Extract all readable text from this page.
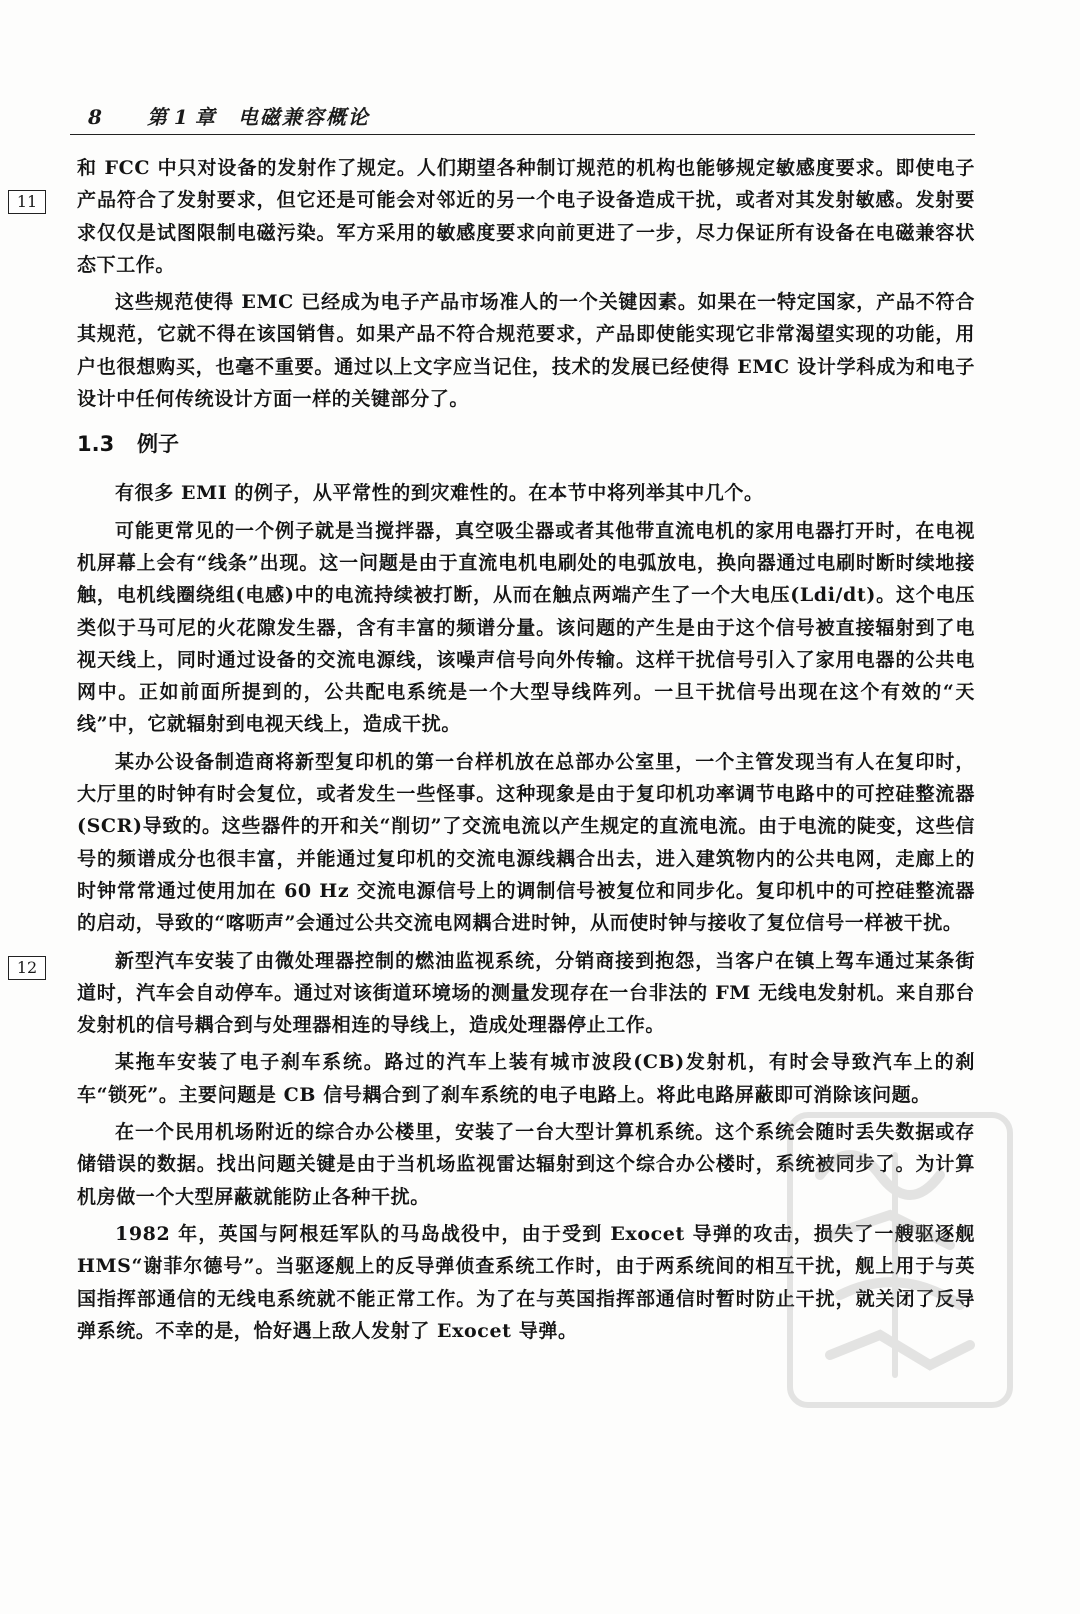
8 第 1 章 电磁兼容概论
11
12

和 FCC 中只对设备的发射作了规定。人们期望各种制订规范的机构也能够规定敏感度要求。即使电子产品符合了发射要求，但它还是可能会对邻近的另一个电子设备造成干扰，或者对其发射敏感。发射要求仅仅是试图限制电磁污染。军方采用的敏感度要求向前更进了一步，尽力保证所有设备在电磁兼容状态下工作。

这些规范使得 EMC 已经成为电子产品市场准人的一个关键因素。如果在一特定国家，产品不符合其规范，它就不得在该国销售。如果产品不符合规范要求，产品即使能实现它非常渴望实现的功能，用户也很想购买，也毫不重要。通过以上文字应当记住，技术的发展已经使得 EMC 设计学科成为和电子设计中任何传统设计方面一样的关键部分了。

1.3 例子

有很多 EMI 的例子，从平常性的到灾难性的。在本节中将列举其中几个。

可能更常见的一个例子就是当搅拌器，真空吸尘器或者其他带直流电机的家用电器打开时，在电视机屏幕上会有“线条”出现。这一问题是由于直流电机电刷处的电弧放电，换向器通过电刷时断时续地接触，电机线圈绕组(电感)中的电流持续被打断，从而在触点两端产生了一个大电压(Ldi/dt)。这个电压类似于马可尼的火花隙发生器，含有丰富的频谱分量。该问题的产生是由于这个信号被直接辐射到了电视天线上，同时通过设备的交流电源线，该噪声信号向外传输。这样干扰信号引入了家用电器的公共电网中。正如前面所提到的，公共配电系统是一个大型导线阵列。一旦干扰信号出现在这个有效的“天线”中，它就辐射到电视天线上，造成干扰。

某办公设备制造商将新型复印机的第一台样机放在总部办公室里，一个主管发现当有人在复印时，大厅里的时钟有时会复位，或者发生一些怪事。这种现象是由于复印机功率调节电路中的可控硅整流器(SCR)导致的。这些器件的开和关“削切”了交流电流以产生规定的直流电流。由于电流的陡变，这些信号的频谱成分也很丰富，并能通过复印机的交流电源线耦合出去，进入建筑物内的公共电网，走廊上的时钟常常通过使用加在 60 Hz 交流电源信号上的调制信号被复位和同步化。复印机中的可控硅整流器的启动，导致的“喀呖声”会通过公共交流电网耦合进时钟，从而使时钟与接收了复位信号一样被干扰。

新型汽车安装了由微处理器控制的燃油监视系统，分销商接到抱怨，当客户在镇上驾车通过某条街道时，汽车会自动停车。通过对该街道环境场的测量发现存在一台非法的 FM 无线电发射机。来自那台发射机的信号耦合到与处理器相连的导线上，造成处理器停止工作。

某拖车安装了电子刹车系统。路过的汽车上装有城市波段(CB)发射机，有时会导致汽车上的刹车“锁死”。主要问题是 CB 信号耦合到了刹车系统的电子电路上。将此电路屏蔽即可消除该问题。

在一个民用机场附近的综合办公楼里，安装了一台大型计算机系统。这个系统会随时丢失数据或存储错误的数据。找出问题关键是由于当机场监视雷达辐射到这个综合办公楼时，系统被同步了。为计算机房做一个大型屏蔽就能防止各种干扰。

1982 年，英国与阿根廷军队的马岛战役中，由于受到 Exocet 导弹的攻击，损失了一艘驱逐舰 HMS“谢菲尔德号”。当驱逐舰上的反导弹侦查系统工作时，由于两系统间的相互干扰，舰上用于与英国指挥部通信的无线电系统就不能正常工作。为了在与英国指挥部通信时暂时防止干扰，就关闭了反导弹系统。不幸的是，恰好遇上敌人发射了 Exocet 导弹。
